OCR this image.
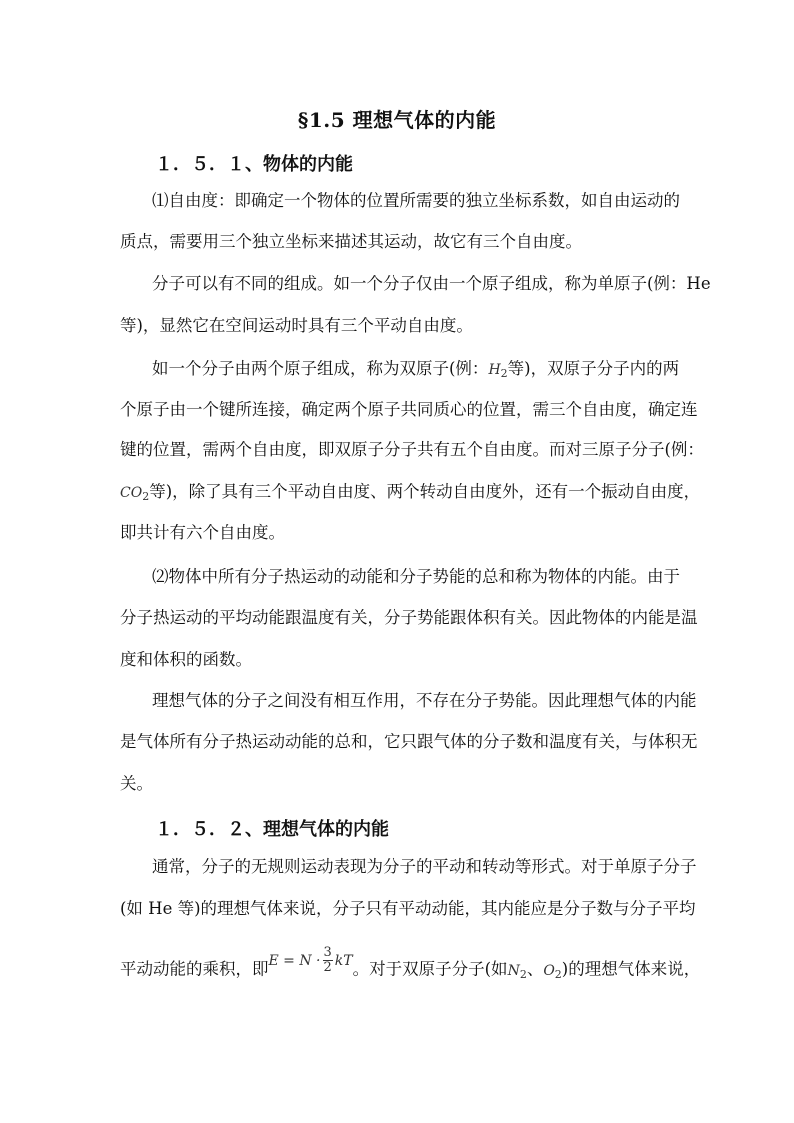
§1.5 理想气体的内能
１．５．１、物体的内能
⑴自由度：即确定一个物体的位置所需要的独立坐标系数，如自由运动的
质点，需要用三个独立坐标来描述其运动，故它有三个自由度。
分子可以有不同的组成。如一个分子仅由一个原子组成，称为单原子(例：He
等)，显然它在空间运动时具有三个平动自由度。
如一个分子由两个原子组成，称为双原子(例：$H_2$等)，双原子分子内的两
个原子由一个键所连接，确定两个原子共同质心的位置，需三个自由度，确定连
键的位置，需两个自由度，即双原子分子共有五个自由度。而对三原子分子(例：
$CO_2$等)，除了具有三个平动自由度、两个转动自由度外，还有一个振动自由度，
即共计有六个自由度。
⑵物体中所有分子热运动的动能和分子势能的总和称为物体的内能。由于
分子热运动的平均动能跟温度有关，分子势能跟体积有关。因此物体的内能是温
度和体积的函数。
理想气体的分子之间没有相互作用，不存在分子势能。因此理想气体的内能
是气体所有分子热运动动能的总和，它只跟气体的分子数和温度有关，与体积无
关。
１．５．２、理想气体的内能
通常，分子的无规则运动表现为分子的平动和转动等形式。对于单原子分子
(如 He 等)的理想气体来说，分子只有平动动能，其内能应是分子数与分子平均
平动动能的乘积，即$^{E = N \cdot \frac{3}{2} kT}$。对于双原子分子(如$N_2$、$O_2$)的理想气体来说，
